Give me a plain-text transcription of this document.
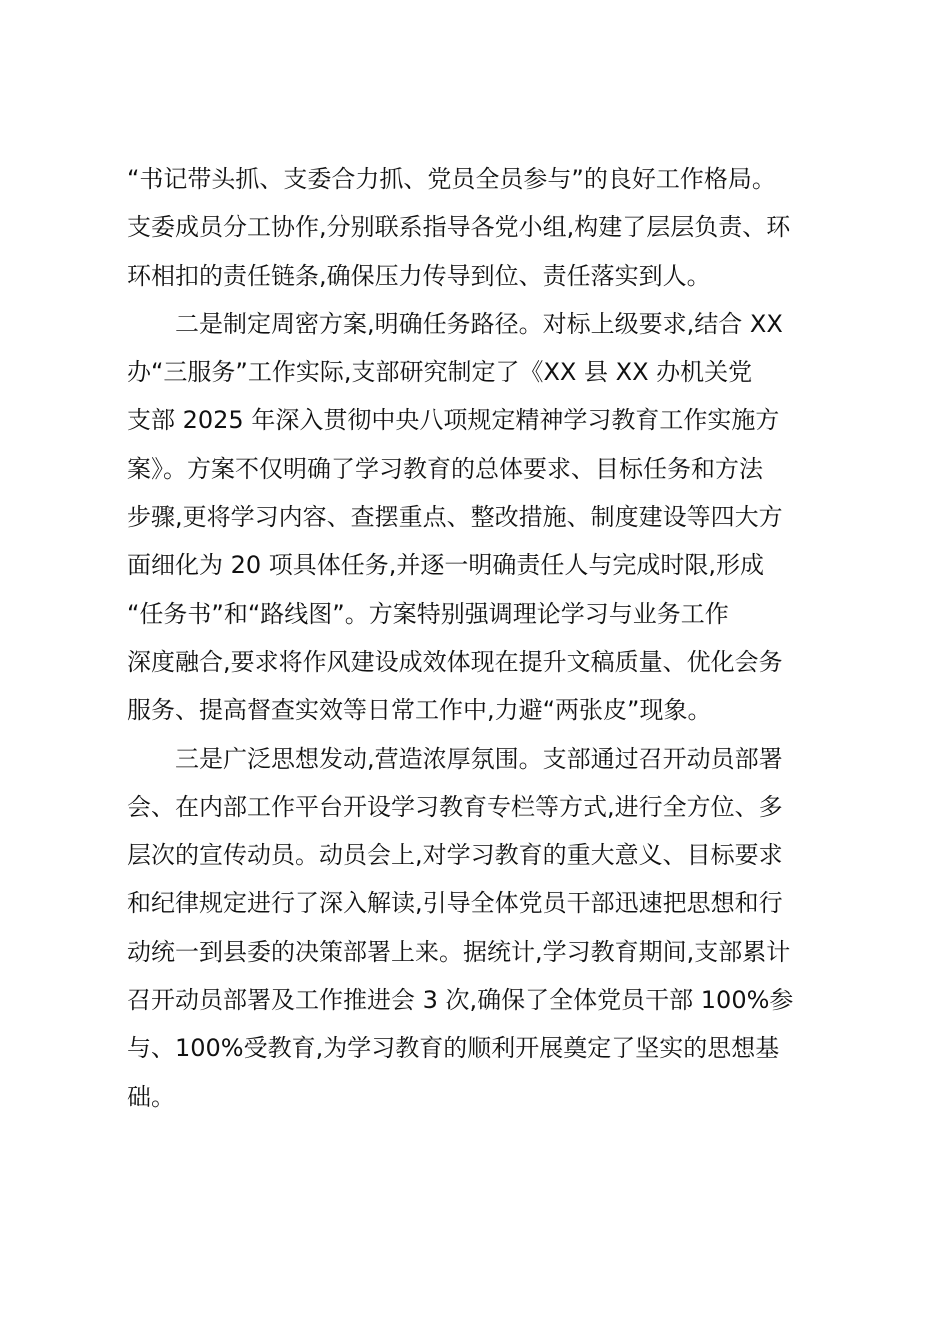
“书记带头抓、支委合力抓、党员全员参与”的良好工作格局。
支委成员分工协作,分别联系指导各党小组,构建了层层负责、环
环相扣的责任链条,确保压力传导到位、责任落实到人。
二是制定周密方案,明确任务路径。对标上级要求,结合 XX
办“三服务”工作实际,支部研究制定了《XX 县 XX 办机关党
支部 2025 年深入贯彻中央八项规定精神学习教育工作实施方
案》。方案不仅明确了学习教育的总体要求、目标任务和方法
步骤,更将学习内容、查摆重点、整改措施、制度建设等四大方
面细化为 20 项具体任务,并逐一明确责任人与完成时限,形成
“任务书”和“路线图”。方案特别强调理论学习与业务工作
深度融合,要求将作风建设成效体现在提升文稿质量、优化会务
服务、提高督查实效等日常工作中,力避“两张皮”现象。
三是广泛思想发动,营造浓厚氛围。支部通过召开动员部署
会、在内部工作平台开设学习教育专栏等方式,进行全方位、多
层次的宣传动员。动员会上,对学习教育的重大意义、目标要求
和纪律规定进行了深入解读,引导全体党员干部迅速把思想和行
动统一到县委的决策部署上来。据统计,学习教育期间,支部累计
召开动员部署及工作推进会 3 次,确保了全体党员干部 100%参
与、100%受教育,为学习教育的顺利开展奠定了坚实的思想基
础。
